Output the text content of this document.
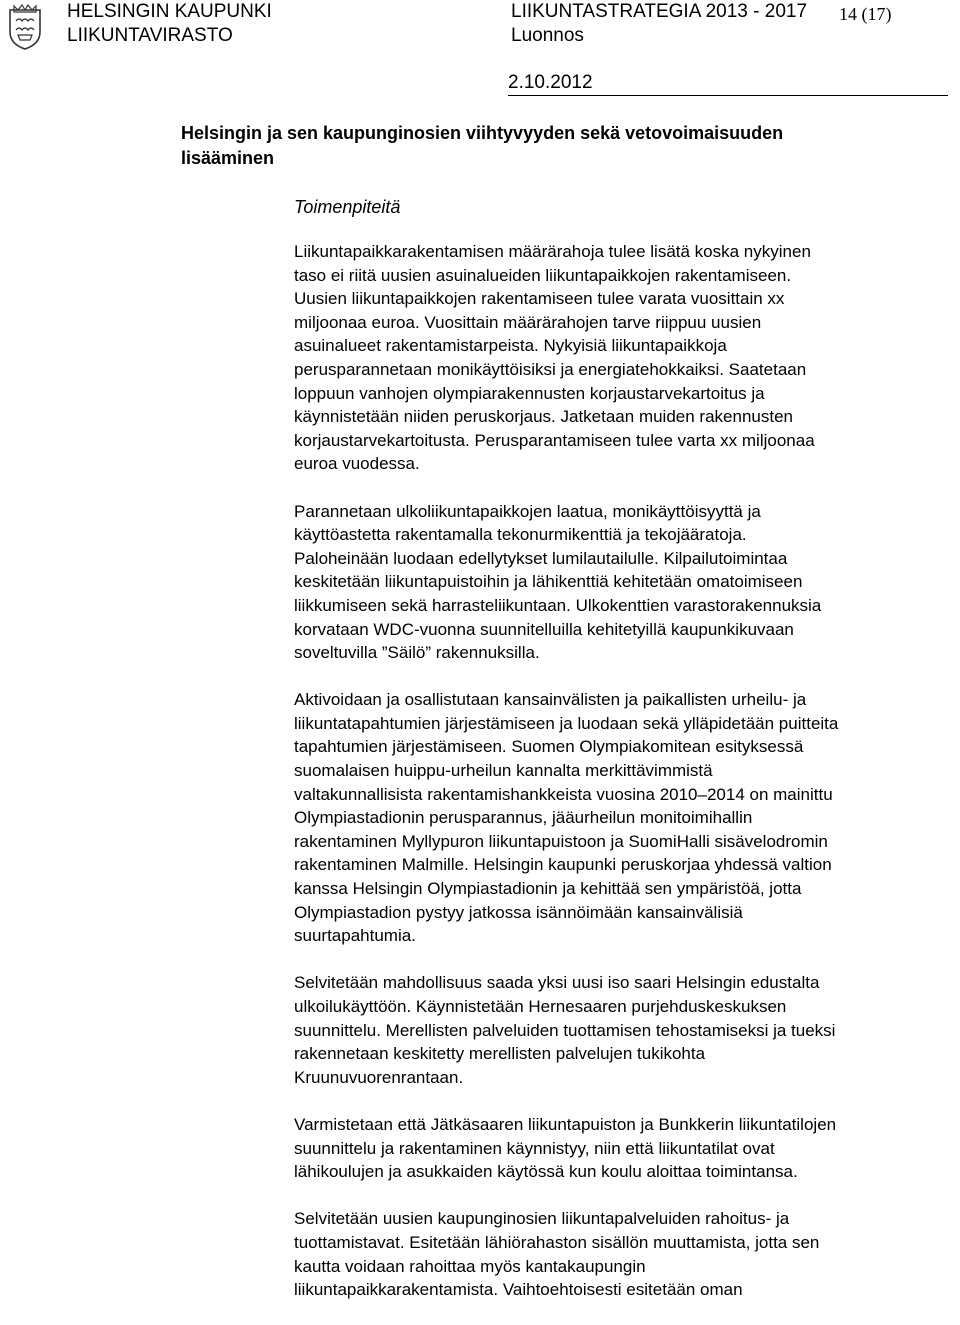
HELSINGIN KAUPUNKI
LIIKUNTAVIRASTO
LIIKUNTASTRATEGIA 2013 - 2017
Luonnos
14 (17)
2.10.2012
Helsingin ja sen kaupunginosien viihtyvyyden sekä vetovoimaisuuden
lisääminen
Toimenpiteitä

Liikuntapaikkarakentamisen määrärahoja tulee lisätä koska nykyinen
taso ei riitä uusien asuinalueiden liikuntapaikkojen rakentamiseen.
Uusien liikuntapaikkojen rakentamiseen tulee varata vuosittain xx
miljoonaa euroa. Vuosittain määrärahojen tarve riippuu uusien
asuinalueet rakentamistarpeista. Nykyisiä liikuntapaikkoja
perusparannetaan monikäyttöisiksi ja energiatehokkaiksi. Saatetaan
loppuun vanhojen olympiarakennusten korjaustarvekartoitus ja
käynnistetään niiden peruskorjaus. Jatketaan muiden rakennusten
korjaustarvekartoitusta. Perusparantamiseen tulee varta xx miljoonaa
euroa vuodessa.

Parannetaan ulkoliikuntapaikkojen laatua, monikäyttöisyyttä ja
käyttöastetta rakentamalla tekonurmikenttiä ja tekojääratoja.
Paloheinään luodaan edellytykset lumilautailulle. Kilpailutoimintaa
keskitetään liikuntapuistoihin ja lähikenttiä kehitetään omatoimiseen
liikkumiseen sekä harrasteliikuntaan. Ulkokenttien varastorakennuksia
korvataan WDC-vuonna suunnitelluilla kehitetyillä kaupunkikuvaan
soveltuvilla ”Säilö” rakennuksilla.

Aktivoidaan ja osallistutaan kansainvälisten ja paikallisten urheilu- ja
liikuntatapahtumien järjestämiseen ja luodaan sekä ylläpidetään puitteita
tapahtumien järjestämiseen. Suomen Olympiakomitean esityksessä
suomalaisen huippu-urheilun kannalta merkittävimmistä
valtakunnallisista rakentamishankkeista vuosina 2010–2014 on mainittu
Olympiastadionin perusparannus, jääurheilun monitoimihallin
rakentaminen Myllypuron liikuntapuistoon ja SuomiHalli sisävelodromin
rakentaminen Malmille. Helsingin kaupunki peruskorjaa yhdessä valtion
kanssa Helsingin Olympiastadionin ja kehittää sen ympäristöä, jotta
Olympiastadion pystyy jatkossa isännöimään kansainvälisiä
suurtapahtumia.

Selvitetään mahdollisuus saada yksi uusi iso saari Helsingin edustalta
ulkoilukäyttöön. Käynnistetään Hernesaaren purjehduskeskuksen
suunnittelu. Merellisten palveluiden tuottamisen tehostamiseksi ja tueksi
rakennetaan keskitetty merellisten palvelujen tukikohta
Kruunuvuorenrantaan.

Varmistetaan että Jätkäsaaren liikuntapuiston ja Bunkkerin liikuntatilojen
suunnittelu ja rakentaminen käynnistyy, niin että liikuntatilat ovat
lähikoulujen ja asukkaiden käytössä kun koulu aloittaa toimintansa.

Selvitetään uusien kaupunginosien liikuntapalveluiden rahoitus- ja
tuottamistavat. Esitetään lähiörahaston sisällön muuttamista, jotta sen
kautta voidaan rahoittaa myös kantakaupungin
liikuntapaikkarakentamista. Vaihtoehtoisesti esitetään oman
